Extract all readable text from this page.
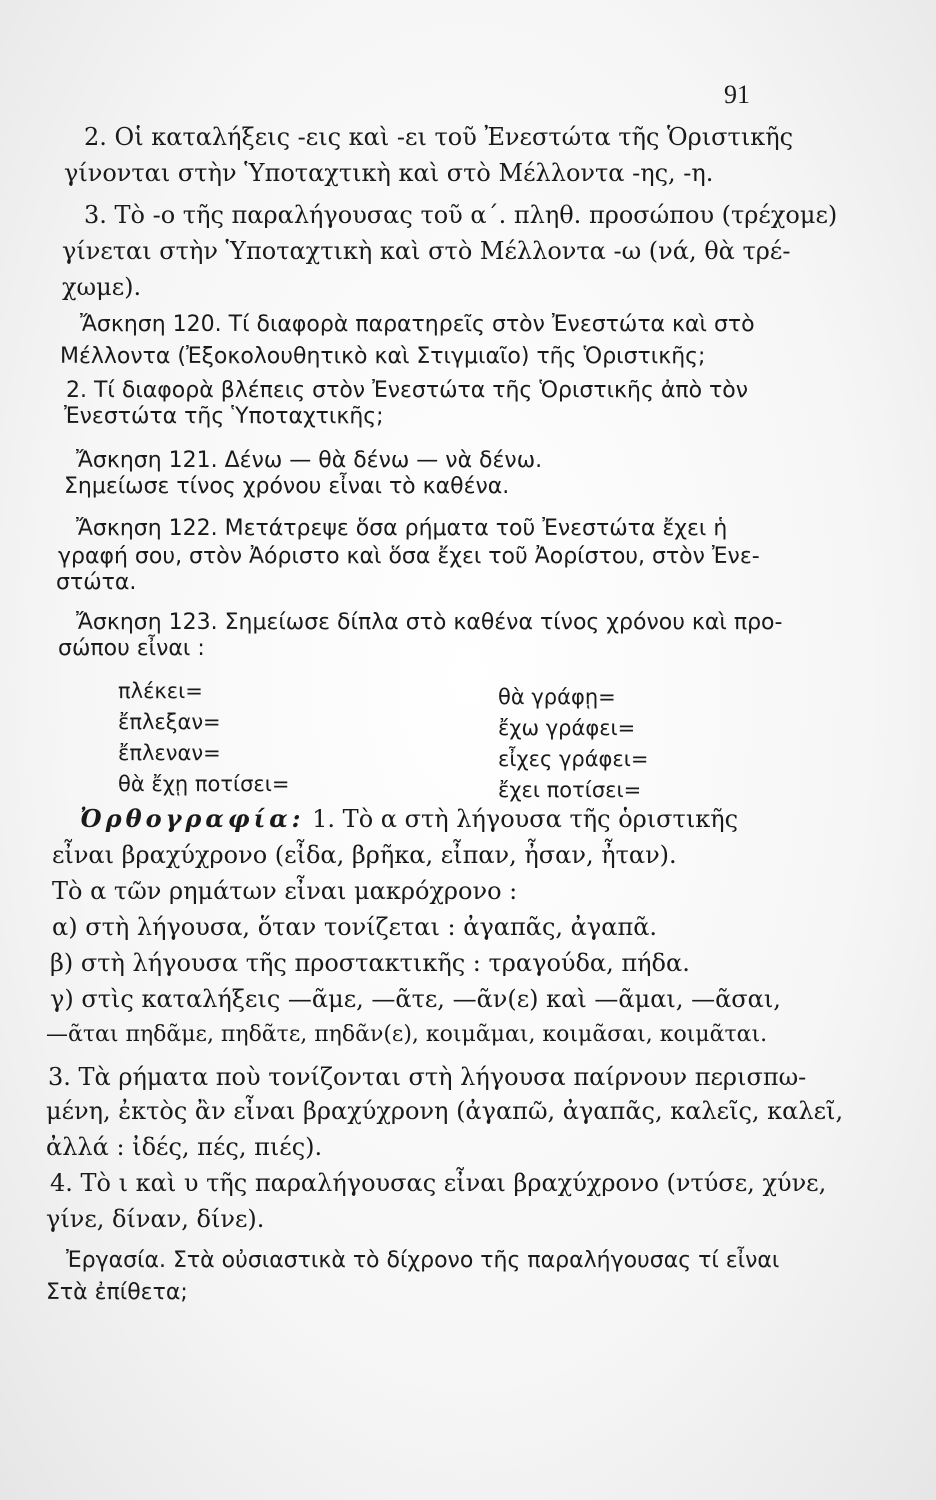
91
2. Οἱ καταλήξεις -εις καὶ -ει τοῦ Ἐνεστώτα τῆς Ὁριστικῆς
γίνονται στὴν Ὑποταχτικὴ καὶ στὸ Μέλλοντα -ης, -η.
3. Τὸ -ο τῆς παραλήγουσας τοῦ α΄. πληθ. προσώπου (τρέχομε)
γίνεται στὴν Ὑποταχτικὴ καὶ στὸ Μέλλοντα -ω (νά, θὰ τρέ-
χωμε).
Ἄσκηση 120. Τί διαφορὰ παρατηρεῖς στὸν Ἐνεστώτα καὶ στὸ
Μέλλοντα (Ἐξοκολουθητικὸ καὶ Στιγμιαῖο) τῆς Ὁριστικῆς;
2. Τί διαφορὰ βλέπεις στὸν Ἐνεστώτα τῆς Ὁριστικῆς ἀπὸ τὸν
Ἐνεστώτα τῆς Ὑποταχτικῆς;
Ἄσκηση 121. Δένω — θὰ δένω — νὰ δένω.
Σημείωσε τίνος χρόνου εἶναι τὸ καθένα.
Ἄσκηση 122. Μετάτρεψε ὅσα ρήματα τοῦ Ἐνεστώτα ἔχει ἡ
γραφή σου, στὸν Ἀόριστο καὶ ὅσα ἔχει τοῦ Ἀορίστου, στὸν Ἐνε-
στώτα.
Ἄσκηση 123. Σημείωσε δίπλα στὸ καθένα τίνος χρόνου καὶ προ-
σώπου εἶναι :
πλέκει=
ἔπλεξαν=
ἔπλεναν=
θὰ ἔχῃ ποτίσει=
θὰ γράφῃ=
ἔχω γράφει=
εἶχες γράφει=
ἔχει ποτίσει=
Ὀρθογραφία: 1. Τὸ α στὴ λήγουσα τῆς ὁριστικῆς
εἶναι βραχύχρονο (εἶδα, βρῆκα, εἶπαν, ἦσαν, ἦταν).
Τὸ α τῶν ρημάτων εἶναι μακρόχρονο :
α) στὴ λήγουσα, ὅταν τονίζεται : ἀγαπᾶς, ἀγαπᾶ.
β) στὴ λήγουσα τῆς προστακτικῆς : τραγούδα, πήδα.
γ) στὶς καταλήξεις —ᾶμε, —ᾶτε, —ᾶν(ε) καὶ —ᾶμαι, —ᾶσαι,
—ᾶται πηδᾶμε, πηδᾶτε, πηδᾶν(ε), κοιμᾶμαι, κοιμᾶσαι, κοιμᾶται.
3. Τὰ ρήματα ποὺ τονίζονται στὴ λήγουσα παίρνουν περισπω-
μένη, ἐκτὸς ἂν εἶναι βραχύχρονη (ἀγαπῶ, ἀγαπᾶς, καλεῖς, καλεῖ,
ἀλλά : ἰδές, πές, πιές).
4. Τὸ ι καὶ υ τῆς παραλήγουσας εἶναι βραχύχρονο (ντύσε, χύνε,
γίνε, δίναν, δίνε).
Ἐργασία. Στὰ οὐσιαστικὰ τὸ δίχρονο τῆς παραλήγουσας τί εἶναι
Στὰ ἐπίθετα;
